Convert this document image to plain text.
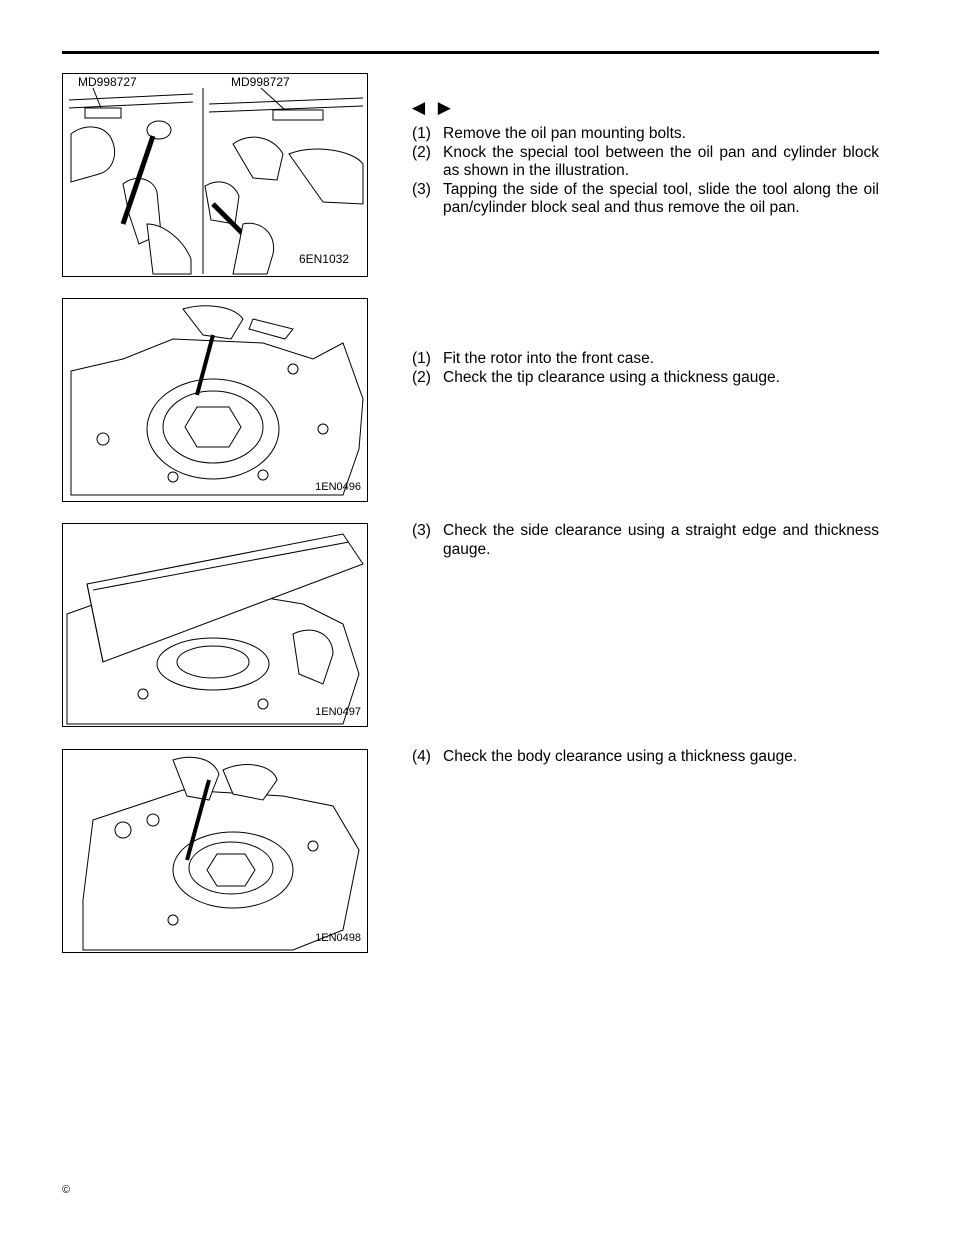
MD998727	MD998727
6EN1032
◀ ▶
(1) Remove the oil pan mounting bolts.
(2) Knock the special tool between the oil pan and cylinder block as shown in the illustration.
(3) Tapping the side of the special tool, slide the tool along the oil pan/cylinder block seal and thus remove the oil pan.
1EN0496
(1) Fit the rotor into the front case.
(2) Check the tip clearance using a thickness gauge.
1EN0497
(3) Check the side clearance using a straight edge and thickness gauge.
1EN0498
(4) Check the body clearance using a thickness gauge.
©
